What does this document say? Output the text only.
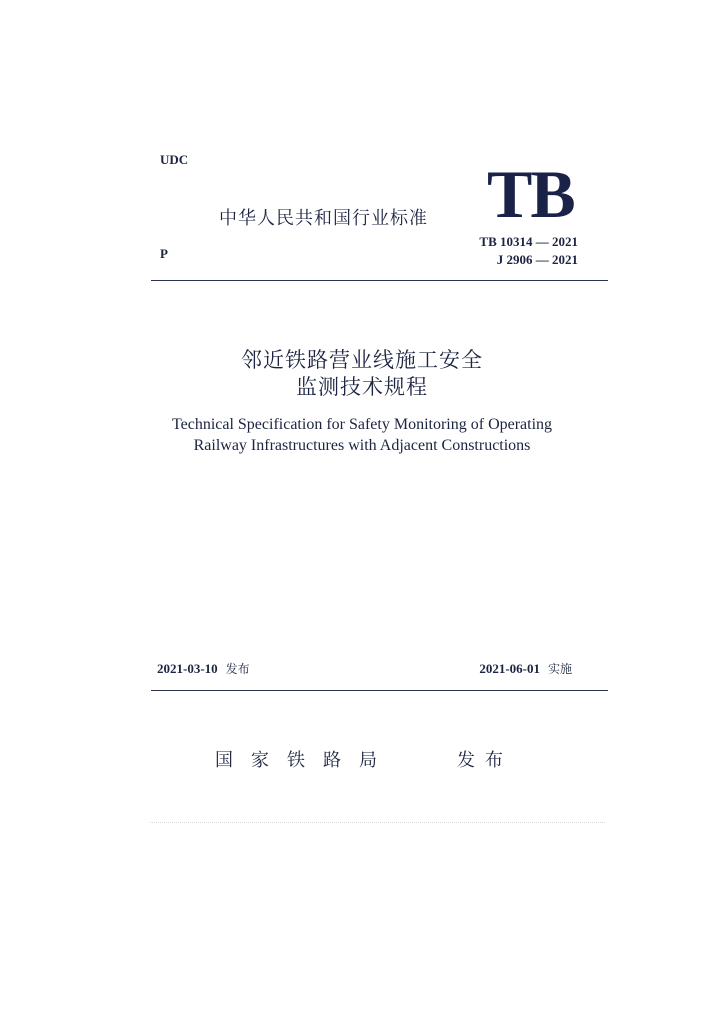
UDC
中华人民共和国行业标准 TB
TB 10314 — 2021
P	J 2906 — 2021
邻近铁路营业线施工安全
监测技术规程
Technical Specification for Safety Monitoring of Operating
Railway Infrastructures with Adjacent Constructions
2021-03-10 发布	2021-06-01 实施
国家铁路局	发布
